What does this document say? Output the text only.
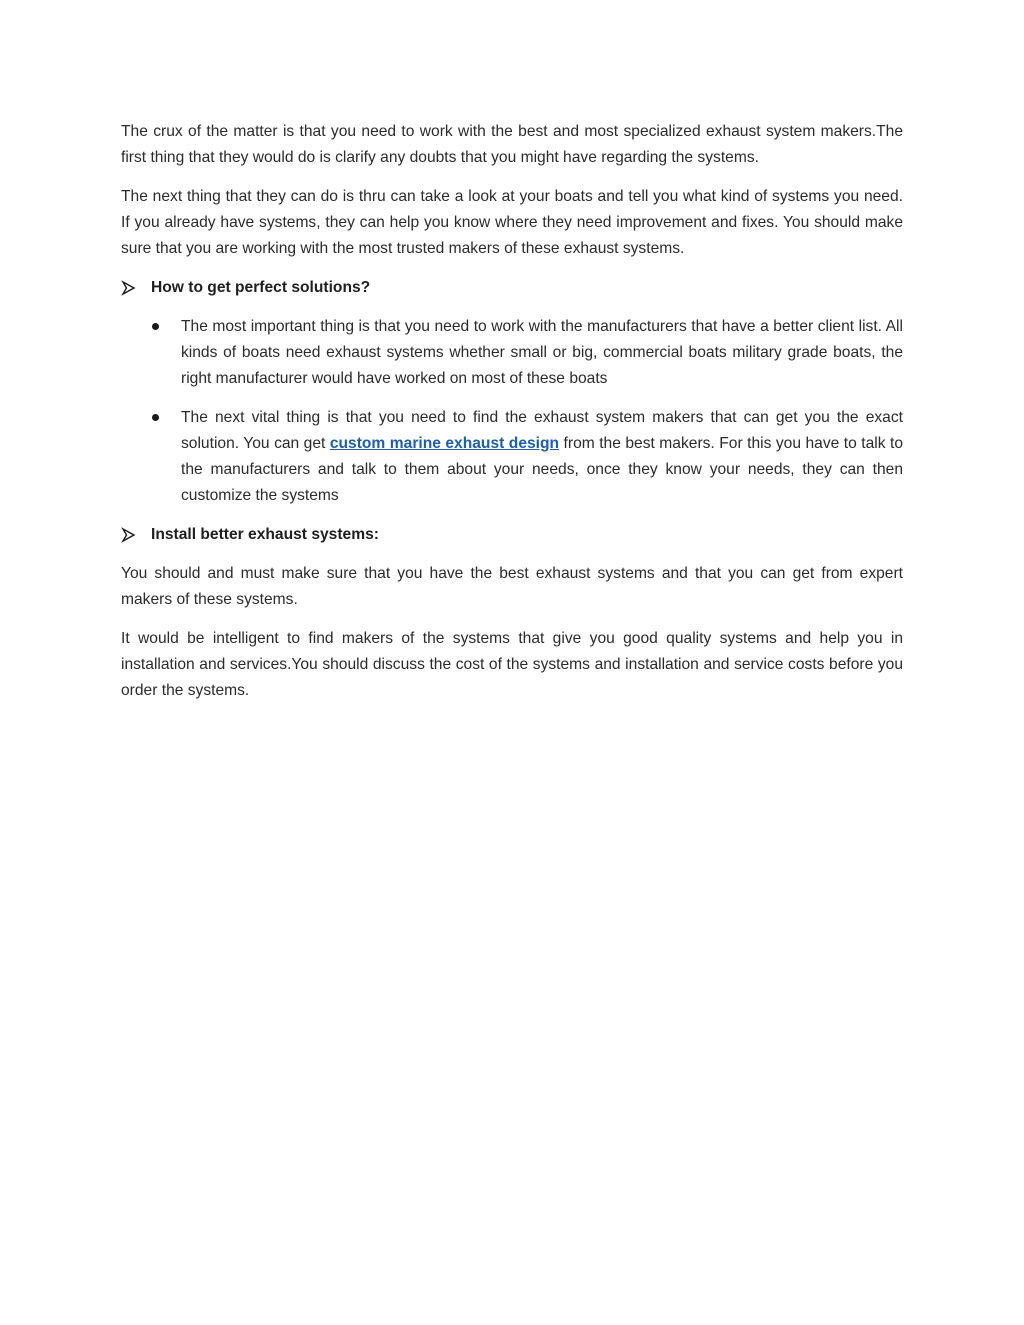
The crux of the matter is that you need to work with the best and most specialized exhaust system makers.The first thing that they would do is clarify any doubts that you might have regarding the systems.

The next thing that they can do is thru can take a look at your boats and tell you what kind of systems you need. If you already have systems, they can help you know where they need improvement and fixes. You should make sure that you are working with the most trusted makers of these exhaust systems.

How to get perfect solutions?
The most important thing is that you need to work with the manufacturers that have a better client list. All kinds of boats need exhaust systems whether small or big, commercial boats military grade boats, the right manufacturer would have worked on most of these boats
The next vital thing is that you need to find the exhaust system makers that can get you the exact solution. You can get custom marine exhaust design from the best makers. For this you have to talk to the manufacturers and talk to them about your needs, once they know your needs, they can then customize the systems
Install better exhaust systems:

You should and must make sure that you have the best exhaust systems and that you can get from expert makers of these systems.

It would be intelligent to find makers of the systems that give you good quality systems and help you in installation and services.You should discuss the cost of the systems and installation and service costs before you order the systems.
